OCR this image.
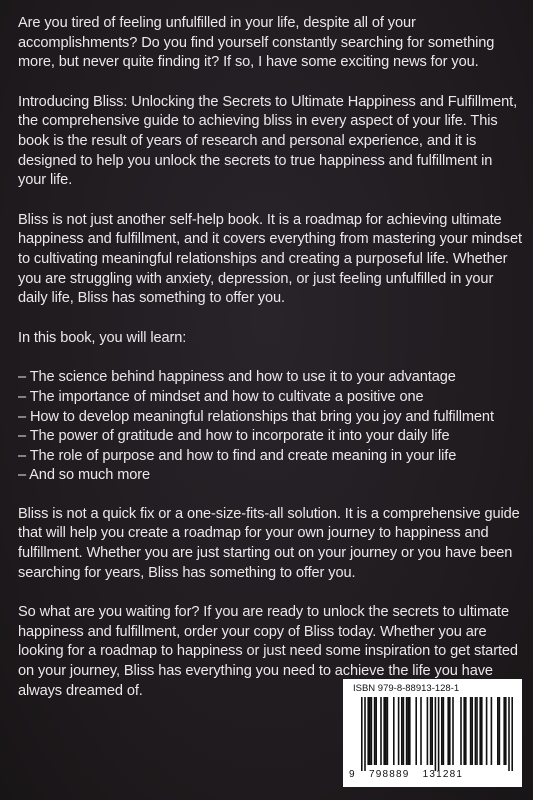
Are you tired of feeling unfulfilled in your life, despite all of your accomplishments? Do you find yourself constantly searching for something more, but never quite finding it? If so, I have some exciting news for you.

Introducing Bliss: Unlocking the Secrets to Ultimate Happiness and Fulfillment, the comprehensive guide to achieving bliss in every aspect of your life. This book is the result of years of research and personal experience, and it is designed to help you unlock the secrets to true happiness and fulfillment in your life.

Bliss is not just another self-help book. It is a roadmap for achieving ultimate happiness and fulfillment, and it covers everything from mastering your mindset to cultivating meaningful relationships and creating a purposeful life. Whether you are struggling with anxiety, depression, or just feeling unfulfilled in your daily life, Bliss has something to offer you.

In this book, you will learn:

– The science behind happiness and how to use it to your advantage
– The importance of mindset and how to cultivate a positive one
– How to develop meaningful relationships that bring you joy and fulfillment
– The power of gratitude and how to incorporate it into your daily life
– The role of purpose and how to find and create meaning in your life
– And so much more

Bliss is not a quick fix or a one-size-fits-all solution. It is a comprehensive guide that will help you create a roadmap for your own journey to happiness and fulfillment. Whether you are just starting out on your journey or you have been searching for years, Bliss has something to offer you.

So what are you waiting for? If you are ready to unlock the secrets to ultimate happiness and fulfillment, order your copy of Bliss today. Whether you are looking for a roadmap to happiness or just need some inspiration to get started on your journey, Bliss has everything you need to achieve the life you have always dreamed of.	ISBN 979-8-88913-128-1
9	798889 131281
